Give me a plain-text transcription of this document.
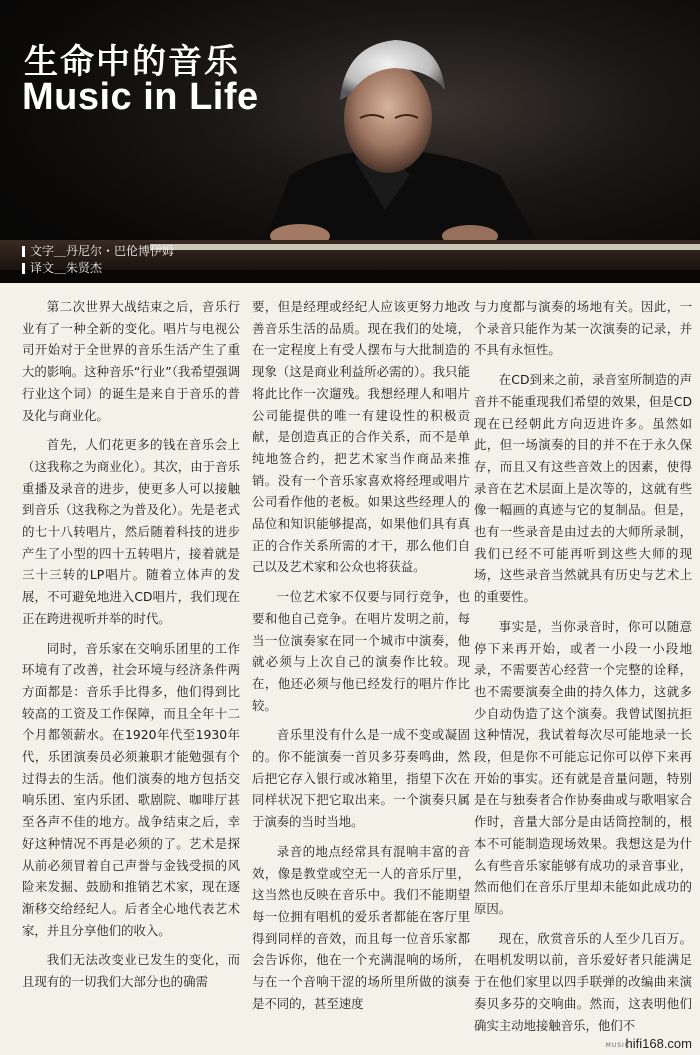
生命中的音乐
Music in Life
文字＿丹尼尔・巴伦博伊姆
译文＿朱贤杰

第二次世界大战结束之后，音乐行业有了一种全新的变化。唱片与电视公司开始对于全世界的音乐生活产生了重大的影响。这种音乐“行业”（我希望强调行业这个词）的诞生是来自于音乐的普及化与商业化。

首先，人们花更多的钱在音乐会上（这我称之为商业化）。其次，由于音乐重播及录音的进步，使更多人可以接触到音乐（这我称之为普及化）。先是老式的七十八转唱片，然后随着科技的进步产生了小型的四十五转唱片，接着就是三十三转的LP唱片。随着立体声的发展，不可避免地进入CD唱片，我们现在正在跨进视听并举的时代。

同时，音乐家在交响乐团里的工作环境有了改善，社会环境与经济条件两方面都是：音乐手比得多，他们得到比较高的工资及工作保障，而且全年十二个月都领薪水。在1920年代至1930年代，乐团演奏员必须兼职才能勉强有个过得去的生活。他们演奏的地方包括交响乐团、室内乐团、歌剧院、咖啡厅甚至各声不佳的地方。战争结束之后，幸好这种情况不再是必须的了。艺术是探从前必须冒着自己声誉与金钱受损的风险来发掘、鼓励和推销艺术家，现在逐渐移交给经纪人。后者全心地代表艺术家，并且分享他们的收入。

我们无法改变业已发生的变化，而且现有的一切我们大部分也的确需

要，但是经理或经纪人应该更努力地改善音乐生活的品质。现在我们的处境，在一定程度上有受人摆布与大批制造的现象（这是商业利益所必需的）。我只能将此比作一次遛残。我想经理人和唱片公司能提供的唯一有建设性的积极贡献，是创造真正的合作关系，而不是单纯地签合约，把艺术家当作商品来推销。没有一个音乐家喜欢将经理或唱片公司看作他的老板。如果这些经理人的品位和知识能够提高，如果他们具有真正的合作关系所需的才干，那么他们自己以及艺术家和公众也将获益。

一位艺术家不仅要与同行竞争，也要和他自己竞争。在唱片发明之前，每当一位演奏家在同一个城市中演奏，他就必须与上次自己的演奏作比较。现在，他还必须与他已经发行的唱片作比较。

音乐里没有什么是一成不变或凝固的。你不能演奏一首贝多芬奏鸣曲，然后把它存入银行或冰箱里，指望下次在同样状况下把它取出来。一个演奏只属于演奏的当时当地。

录音的地点经常具有混响丰富的音效，像是教堂或空无一人的音乐厅里，这当然也反映在音乐中。我们不能期望每一位拥有唱机的爱乐者都能在客厅里得到同样的音效，而且每一位音乐家都会告诉你，他在一个充满混响的场所，与在一个音响干涩的场所里所做的演奏是不同的，甚至速度

与力度都与演奏的场地有关。因此，一个录音只能作为某一次演奏的记录，并不具有永恒性。

在CD到来之前，录音室所制造的声音并不能重现我们希望的效果，但是CD现在已经朝此方向迈进许多。虽然如此，但一场演奏的目的并不在于永久保存，而且又有这些音效上的因素，使得录音在艺术层面上是次等的，这就有些像一幅画的真迹与它的复制品。但是，也有一些录音是由过去的大师所录制，我们已经不可能再听到这些大师的现场，这些录音当然就具有历史与艺术上的重要性。

事实是，当你录音时，你可以随意停下来再开始，或者一小段一小段地录，不需要苦心经营一个完整的诠释，也不需要演奏全曲的持久体力，这就多少自动伪造了这个演奏。我曾试图抗拒这种情况，我试着每次尽可能地录一长段，但是你不可能忘记你可以停下来再开始的事实。还有就是音量问题，特别是在与独奏者合作协奏曲或与歌唱家合作时，音量大部分是由话筒控制的，根本不可能制造现场效果。我想这是为什么有些音乐家能够有成功的录音事业，然而他们在音乐厅里却未能如此成功的原因。

现在，欣赏音乐的人至少几百万。在唱机发明以前，音乐爱好者只能满足于在他们家里以四手联弹的改编曲来演奏贝多芬的交响曲。然而，这表明他们确实主动地接触音乐，他们不

MUSIC
hifi168.com
